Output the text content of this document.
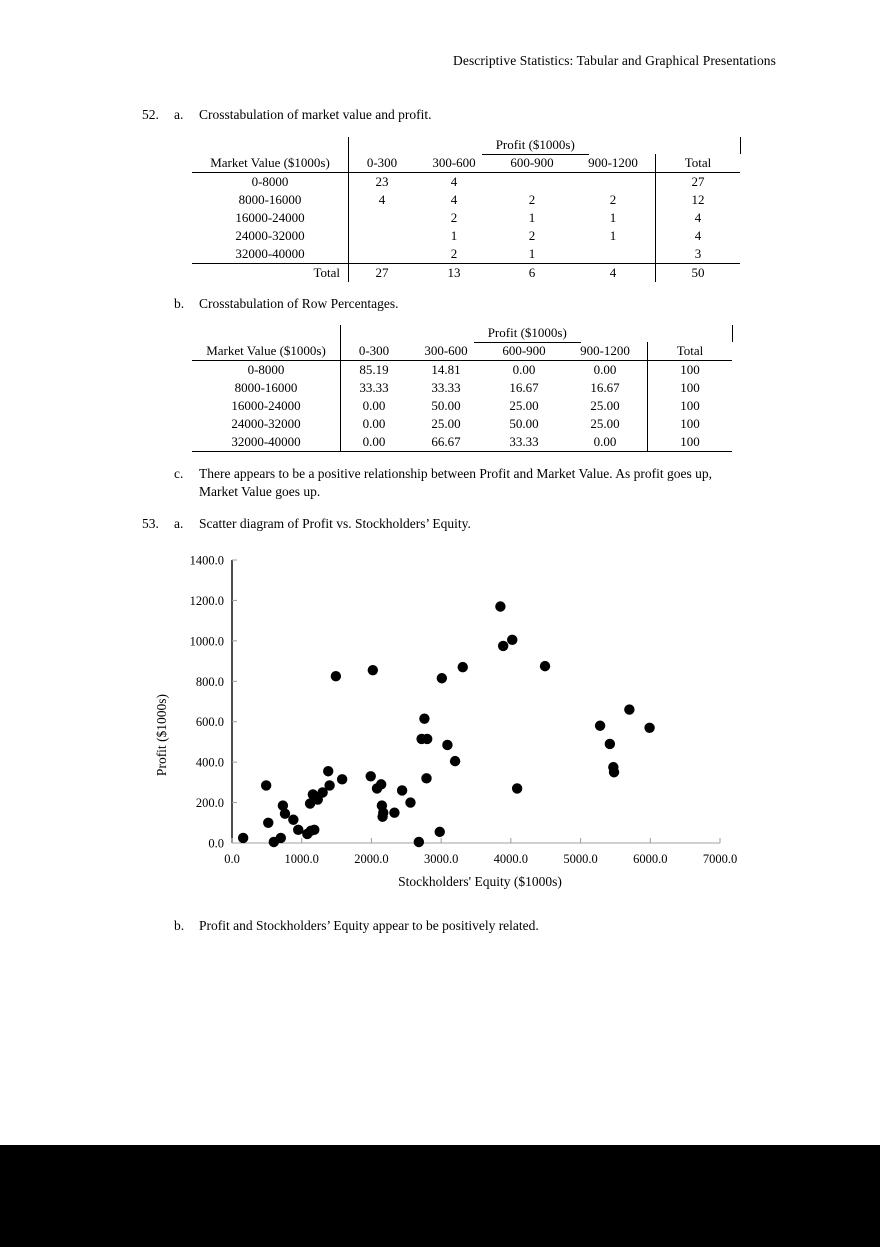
Descriptive Statistics: Tabular and Graphical Presentations
52.	a.	Crosstabulation of market value and profit.

		Profit ($1000s)				

Market Value ($1000s)	0-300	300-600	600-900	900-1200	Total	
0-8000	23	4			27	
8000-16000	4	4	2	2	12	
16000-24000		2	1	1	4	
24000-32000		1	2	1	4	
32000-40000		2	1		3	
Total	27	13	6	4	50	
b.	Crosstabulation of Row Percentages.

		Profit ($1000s)				

Market Value ($1000s)	0-300	300-600	600-900	900-1200	Total	
0-8000	85.19	14.81	0.00	0.00	100	
8000-16000	33.33	33.33	16.67	16.67	100	
16000-24000	0.00	50.00	25.00	25.00	100	
24000-32000	0.00	25.00	50.00	25.00	100	
32000-40000	0.00	66.67	33.33	0.00	100	
c.	There appears to be a positive relationship between Profit and Market Value. As profit goes up,
Market Value goes up.
53.	a.	Scatter diagram of Profit vs. Stockholders’ Equity.
0.0
200.0
400.0
600.0
800.0
1000.0
1200.0
1400.0
0.0	1000.0	2000.0	3000.0	4000.0	5000.0	6000.0	7000.0
Profit ($1000s)
Stockholders' Equity ($1000s)
b.	Profit and Stockholders’ Equity appear to be positively related.
